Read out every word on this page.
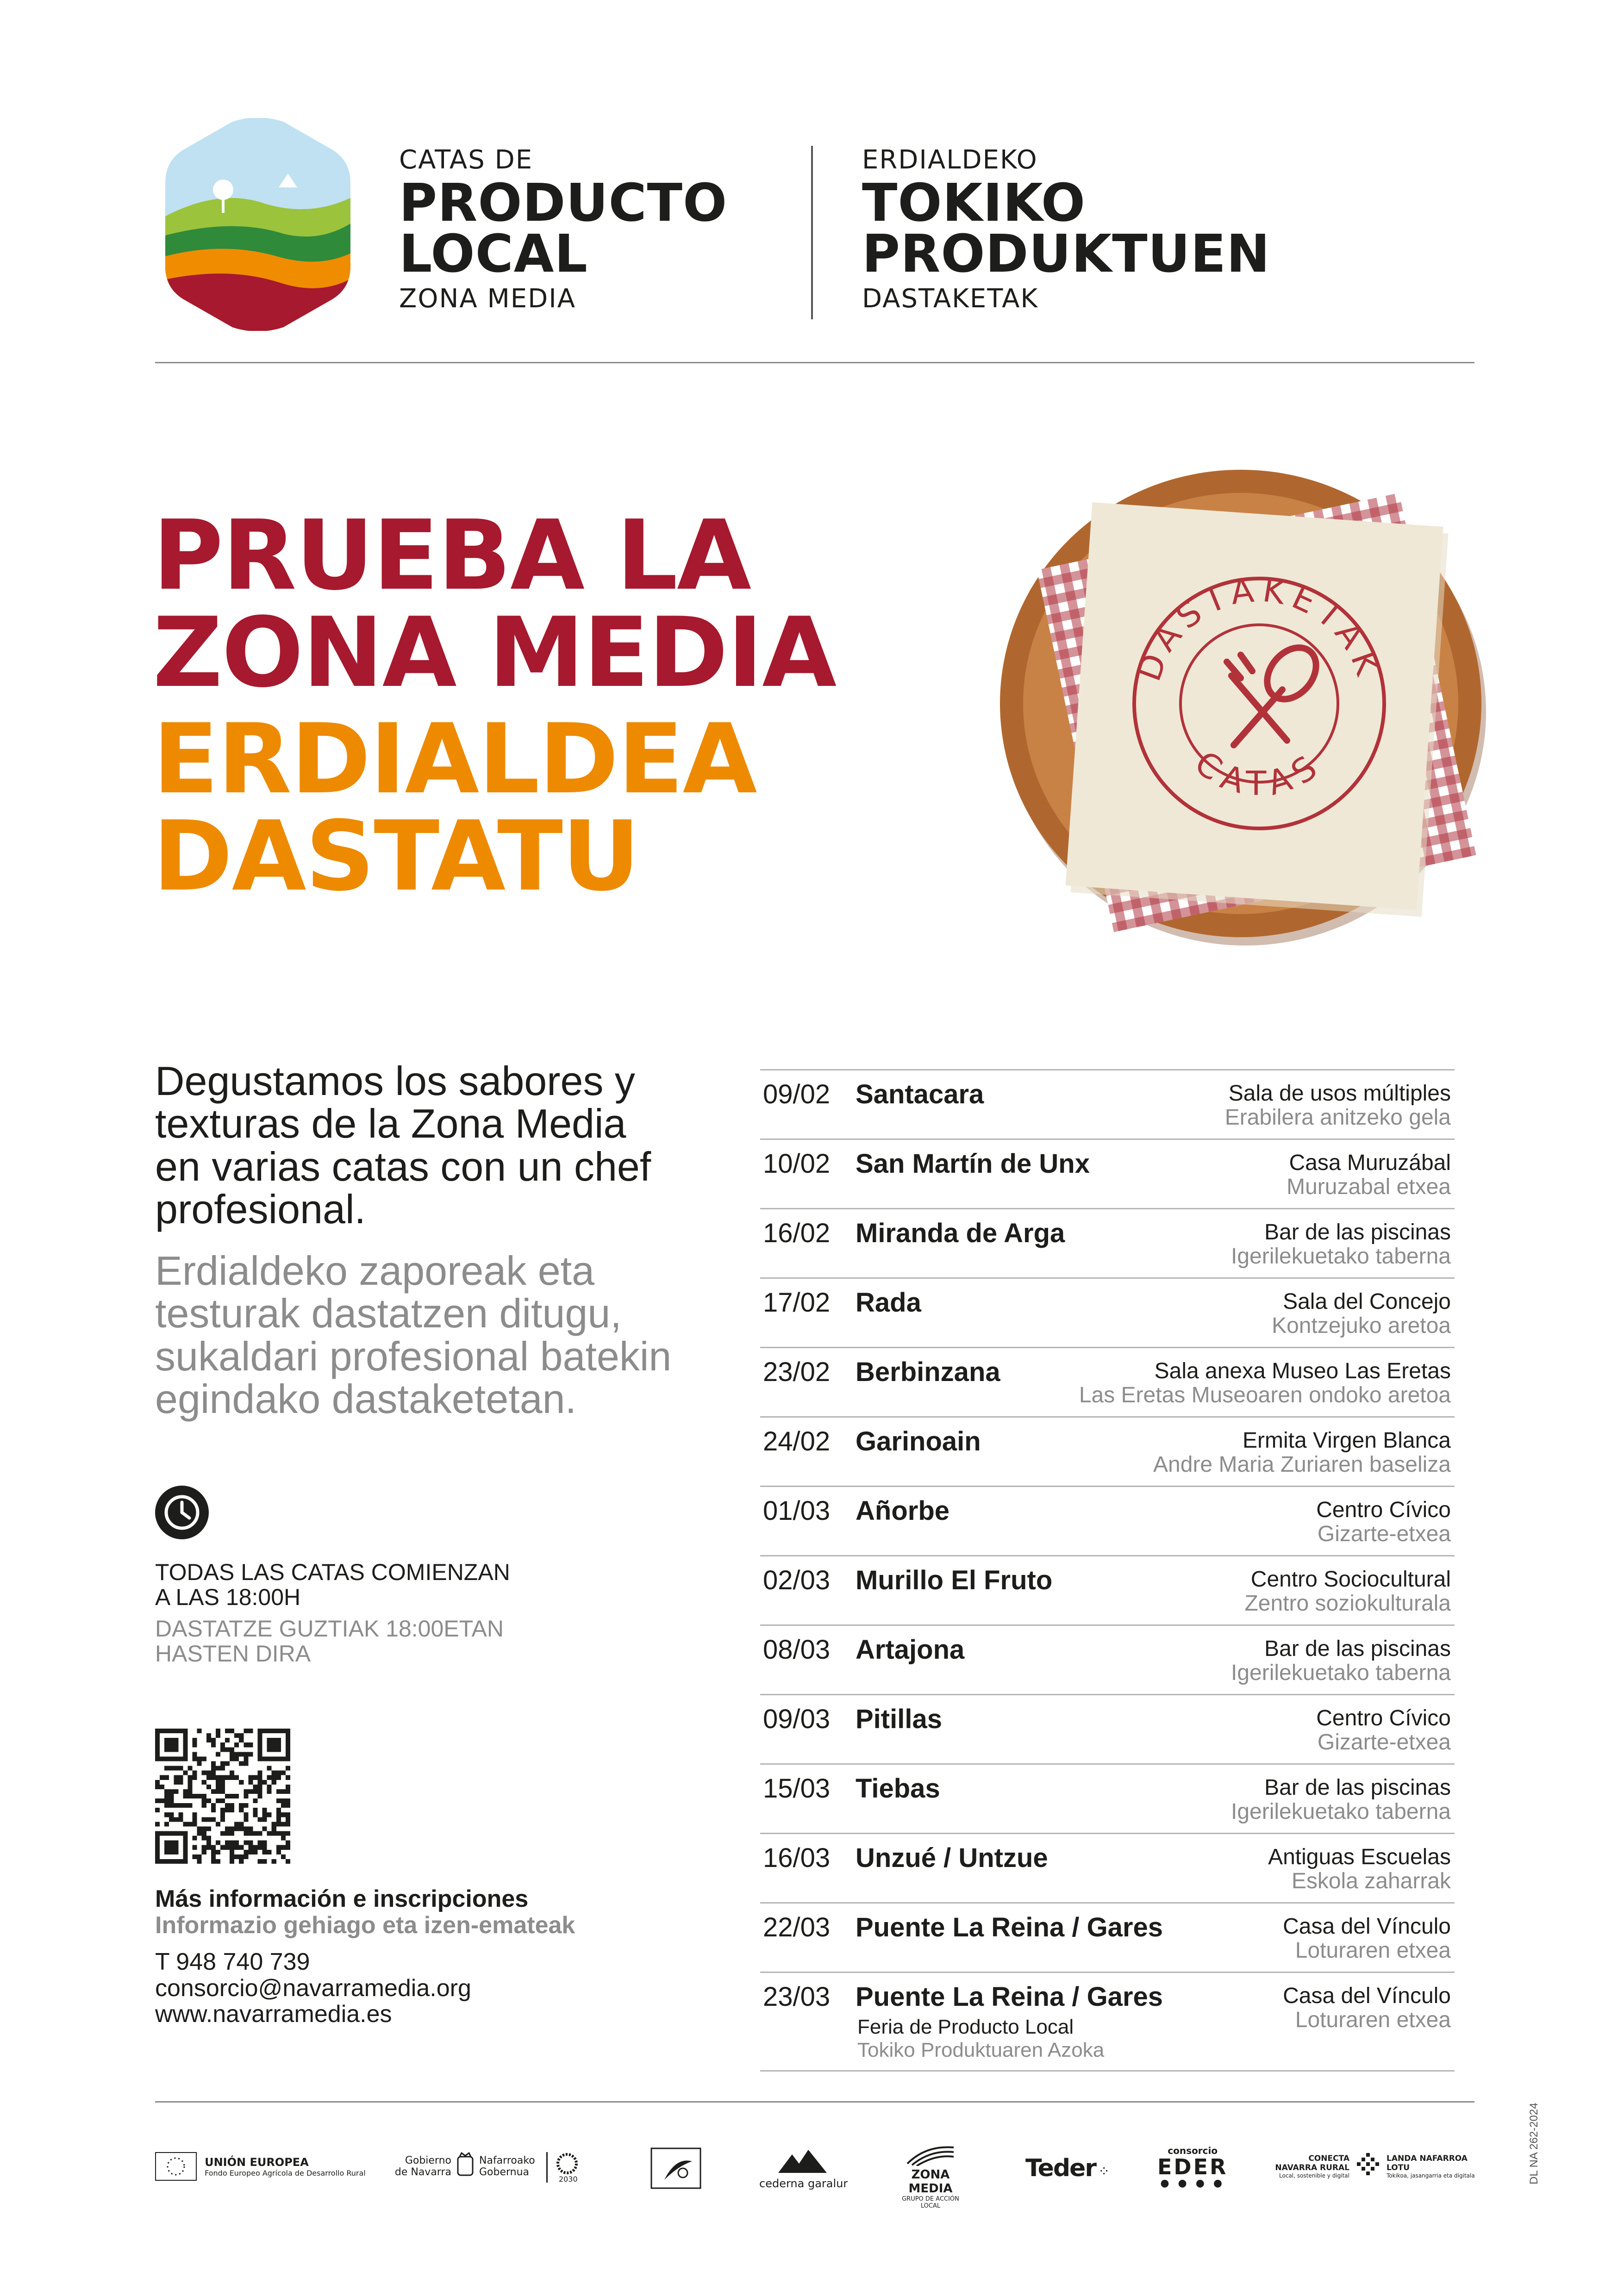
CATAS DE
PRODUCTO
LOCAL
ZONA MEDIA
ERDIALDEKO
TOKIKO
PRODUKTUEN
DASTAKETAK
PRUEBA LA
ZONA MEDIA
ERDIALDEA
DASTATU
DASTAKETAK
CATAS
Degustamos los sabores y
texturas de la Zona Media
en varias catas con un chef
profesional.
Erdialdeko zaporeak eta
testurak dastatzen ditugu,
sukaldari profesional batekin
egindako dastaketetan.
TODAS LAS CATAS COMIENZAN
A LAS 18:00H
DASTATZE GUZTIAK 18:00ETAN
HASTEN DIRA
Más información e inscripciones
Informazio gehiago eta izen-emateak
T 948 740 739
consorcio@navarramedia.org
www.navarramedia.es
09/02 Santacara	Sala de usos múltiples
Erabilera anitzeko gela
10/02 San Martín de Unx	Casa Muruzábal
Muruzabal etxea
16/02 Miranda de Arga	Bar de las piscinas
Igerilekuetako taberna
17/02 Rada	Sala del Concejo
Kontzejuko aretoa
23/02 Berbinzana	Sala anexa Museo Las Eretas
Las Eretas Museoaren ondoko aretoa
24/02 Garinoain	Ermita Virgen Blanca
Andre Maria Zuriaren baseliza
01/03 Añorbe	Centro Cívico
Gizarte-etxea
02/03 Murillo El Fruto	Centro Sociocultural
Zentro soziokulturala
08/03 Artajona	Bar de las piscinas
Igerilekuetako taberna
09/03 Pitillas	Centro Cívico
Gizarte-etxea
15/03 Tiebas	Bar de las piscinas
Igerilekuetako taberna
16/03 Unzué / Untzue	Antiguas Escuelas
Eskola zaharrak
22/03 Puente La Reina / Gares	Casa del Vínculo
Loturaren etxea
23/03 Puente La Reina / Gares	Casa del Vínculo
Loturaren etxea
Feria de Producto Local
Tokiko Produktuaren Azoka

UNIÓN EUROPEA
Fondo Europeo Agrícola de Desarrollo Rural
Gobierno
de Navarra
Nafarroako
Gobernua
2030	cederna garalur
ZONA MEDIA
GRUPO DE ACCIÓN LOCAL
Teder ⁘
consorcio
EDER
● ● ● ●
CONECTA NAVARRA RURAL
Local, sostenible y digital
LANDA NAFARROA LOTU
Tokikoa, jasangarria eta digitala	DL NA 262-2024
